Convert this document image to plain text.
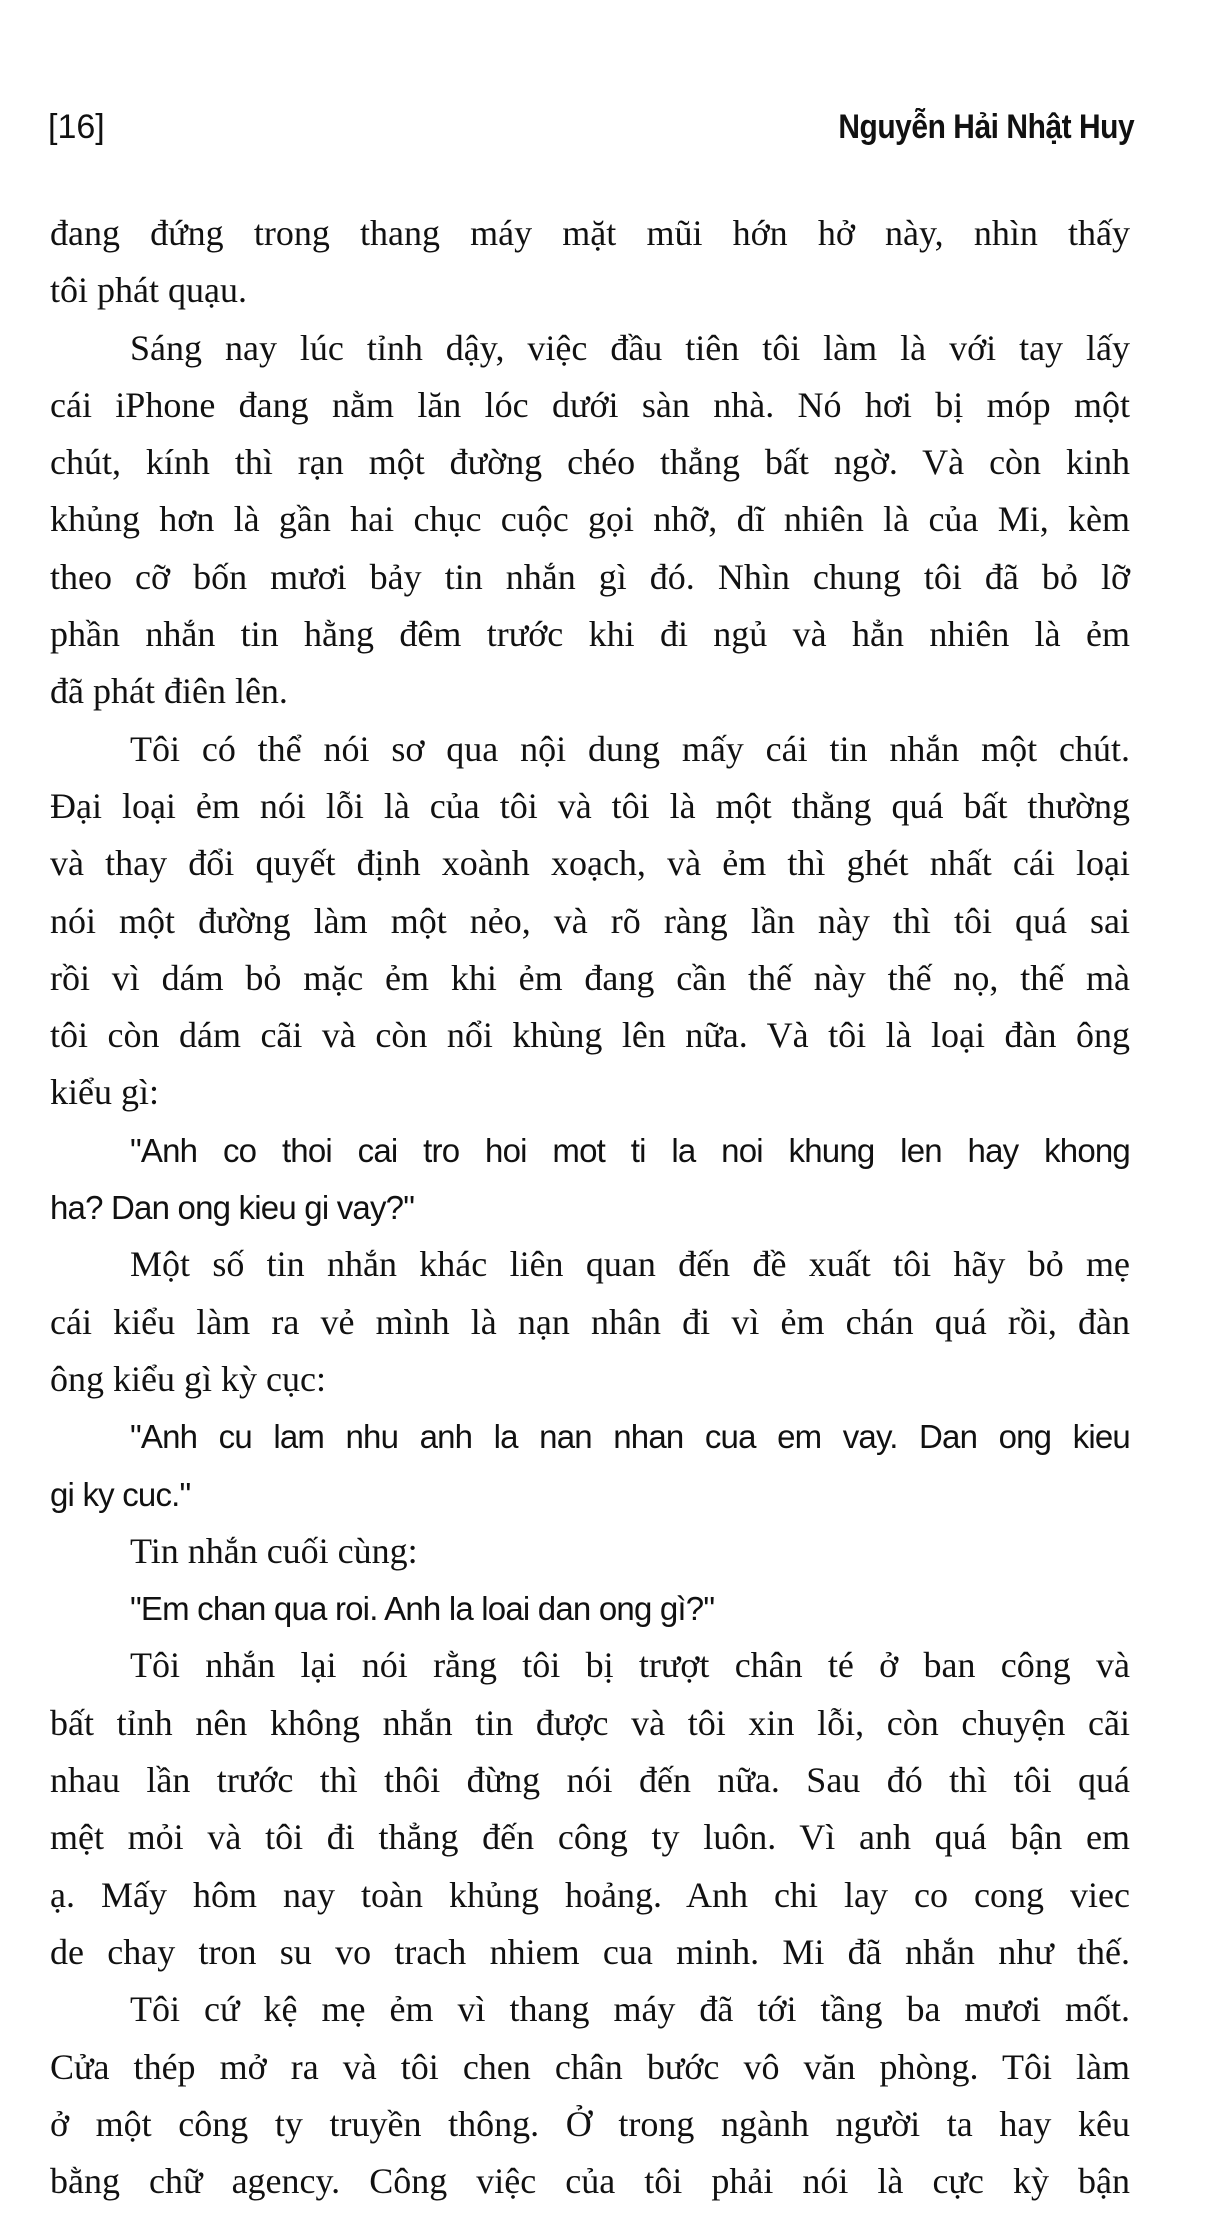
[16]	Nguyễn Hải Nhật Huy
đang đứng trong thang máy mặt mũi hớn hở này, nhìn thấy
tôi phát quạu.
Sáng nay lúc tỉnh dậy, việc đầu tiên tôi làm là với tay lấy
cái iPhone đang nằm lăn lóc dưới sàn nhà. Nó hơi bị móp một
chút, kính thì rạn một đường chéo thẳng bất ngờ. Và còn kinh
khủng hơn là gần hai chục cuộc gọi nhỡ, dĩ nhiên là của Mi, kèm
theo cỡ bốn mươi bảy tin nhắn gì đó. Nhìn chung tôi đã bỏ lỡ
phần nhắn tin hằng đêm trước khi đi ngủ và hẳn nhiên là ẻm
đã phát điên lên.
Tôi có thể nói sơ qua nội dung mấy cái tin nhắn một chút.
Đại loại ẻm nói lỗi là của tôi và tôi là một thằng quá bất thường
và thay đổi quyết định xoành xoạch, và ẻm thì ghét nhất cái loại
nói một đường làm một nẻo, và rõ ràng lần này thì tôi quá sai
rồi vì dám bỏ mặc ẻm khi ẻm đang cần thế này thế nọ, thế mà
tôi còn dám cãi và còn nổi khùng lên nữa. Và tôi là loại đàn ông
kiểu gì:
"Anh co thoi cai tro hoi mot ti la noi khung len hay khong
ha? Dan ong kieu gi vay?"
Một số tin nhắn khác liên quan đến đề xuất tôi hãy bỏ mẹ
cái kiểu làm ra vẻ mình là nạn nhân đi vì ẻm chán quá rồi, đàn
ông kiểu gì kỳ cục:
"Anh cu lam nhu anh la nan nhan cua em vay. Dan ong kieu
gi ky cuc."
Tin nhắn cuối cùng:
"Em chan qua roi. Anh la loai dan ong gì?"
Tôi nhắn lại nói rằng tôi bị trượt chân té ở ban công và
bất tỉnh nên không nhắn tin được và tôi xin lỗi, còn chuyện cãi
nhau lần trước thì thôi đừng nói đến nữa. Sau đó thì tôi quá
mệt mỏi và tôi đi thẳng đến công ty luôn. Vì anh quá bận em
ạ. Mấy hôm nay toàn khủng hoảng. Anh chi lay co cong viec
de chay tron su vo trach nhiem cua minh. Mi đã nhắn như thế.
Tôi cứ kệ mẹ ẻm vì thang máy đã tới tầng ba mươi mốt.
Cửa thép mở ra và tôi chen chân bước vô văn phòng. Tôi làm
ở một công ty truyền thông. Ở trong ngành người ta hay kêu
bằng chữ agency. Công việc của tôi phải nói là cực kỳ bận
